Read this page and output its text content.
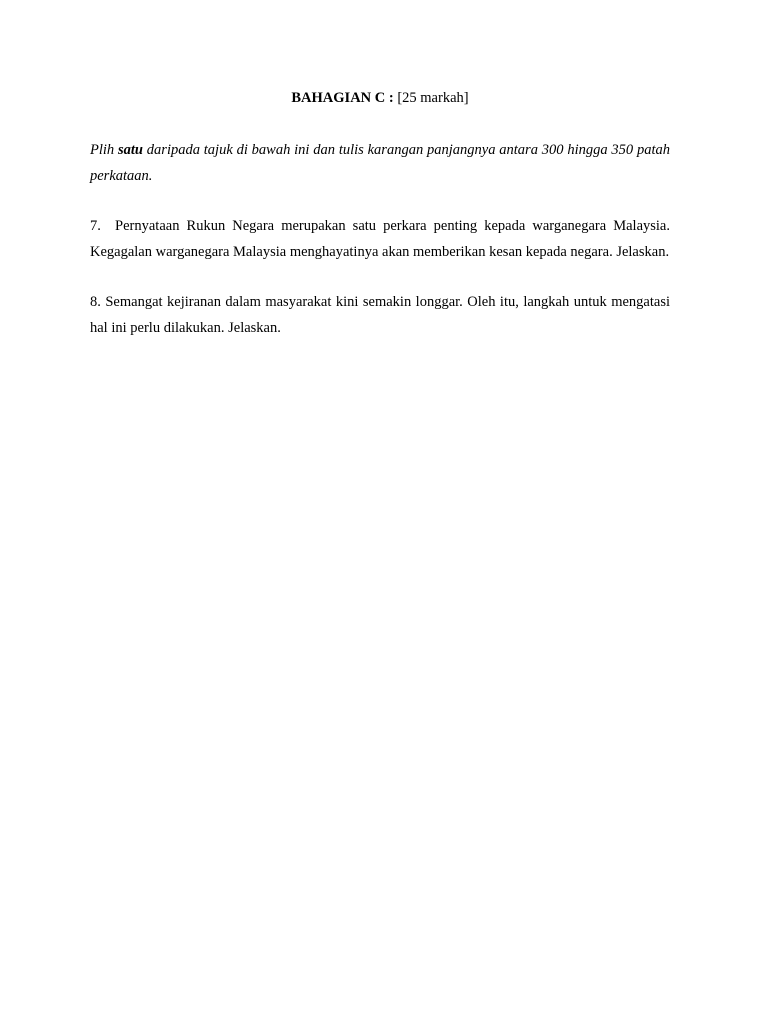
BAHAGIAN C : [25 markah]
Plih satu daripada tajuk di bawah ini dan tulis karangan panjangnya antara 300 hingga 350 patah perkataan.
7. Pernyataan Rukun Negara merupakan satu perkara penting kepada warganegara Malaysia. Kegagalan warganegara Malaysia menghayatinya akan memberikan kesan kepada negara. Jelaskan.
8. Semangat kejiranan dalam masyarakat kini semakin longgar. Oleh itu, langkah untuk mengatasi hal ini perlu dilakukan. Jelaskan.
